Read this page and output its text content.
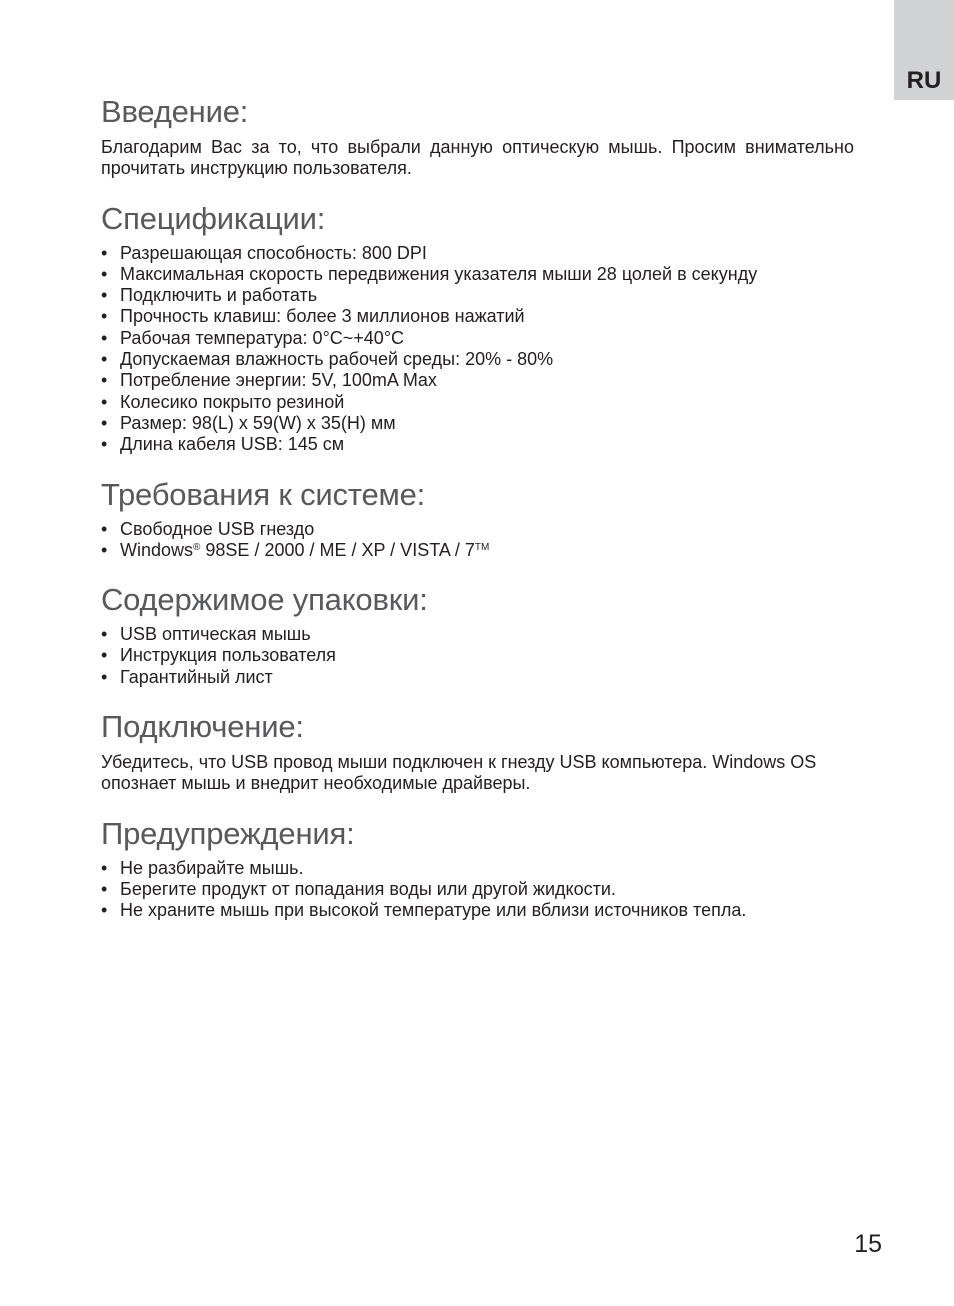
RU
Введение:

Благодарим Вас за то, что выбрали данную оптическую мышь. Просим внимательно прочитать инструкцию пользователя.

Спецификации:
• Разрешающая способность: 800 DPI
• Максимальная скорость передвижения указателя мыши 28 цолей в секунду
• Подключить и работать
• Прочность клавиш: более 3 миллионов нажатий
• Рабочая температура: 0°C~+40°C
• Допускаемая влажность рабочей среды: 20% - 80%
• Потребление энергии: 5V, 100mA Max
• Колесико покрыто резиной
• Размер: 98(L) x 59(W) x 35(H) мм
• Длина кабеля USB: 145 см
Требования к системе:
• Свободное USB гнездо
• Windows® 98SE / 2000 / ME / XP / VISTA / 7™
Содержимое упаковки:
• USB оптическая мышь
• Инструкция пользователя
• Гарантийный лист
Подключение:

Убедитесь, что USB провод мыши подключен к гнезду USB компьютера. Windows OS опознает мышь и внедрит необходимые драйверы.

Предупреждения:
• Не разбирайте мышь.
• Берегите продукт от попадания воды или другой жидкости.
• Не храните мышь при высокой температуре или вблизи источников тепла.
15
